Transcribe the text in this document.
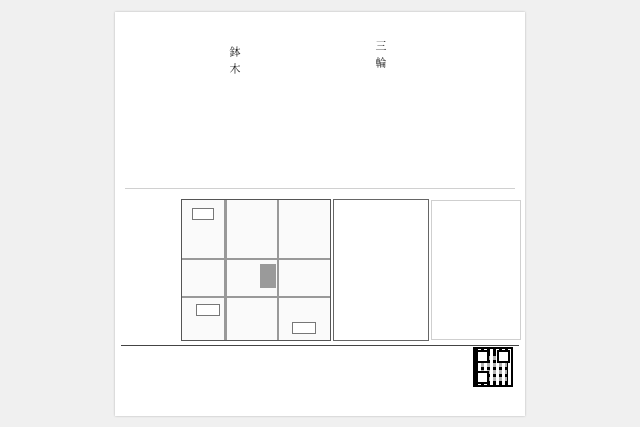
三
輪
鉢
木
